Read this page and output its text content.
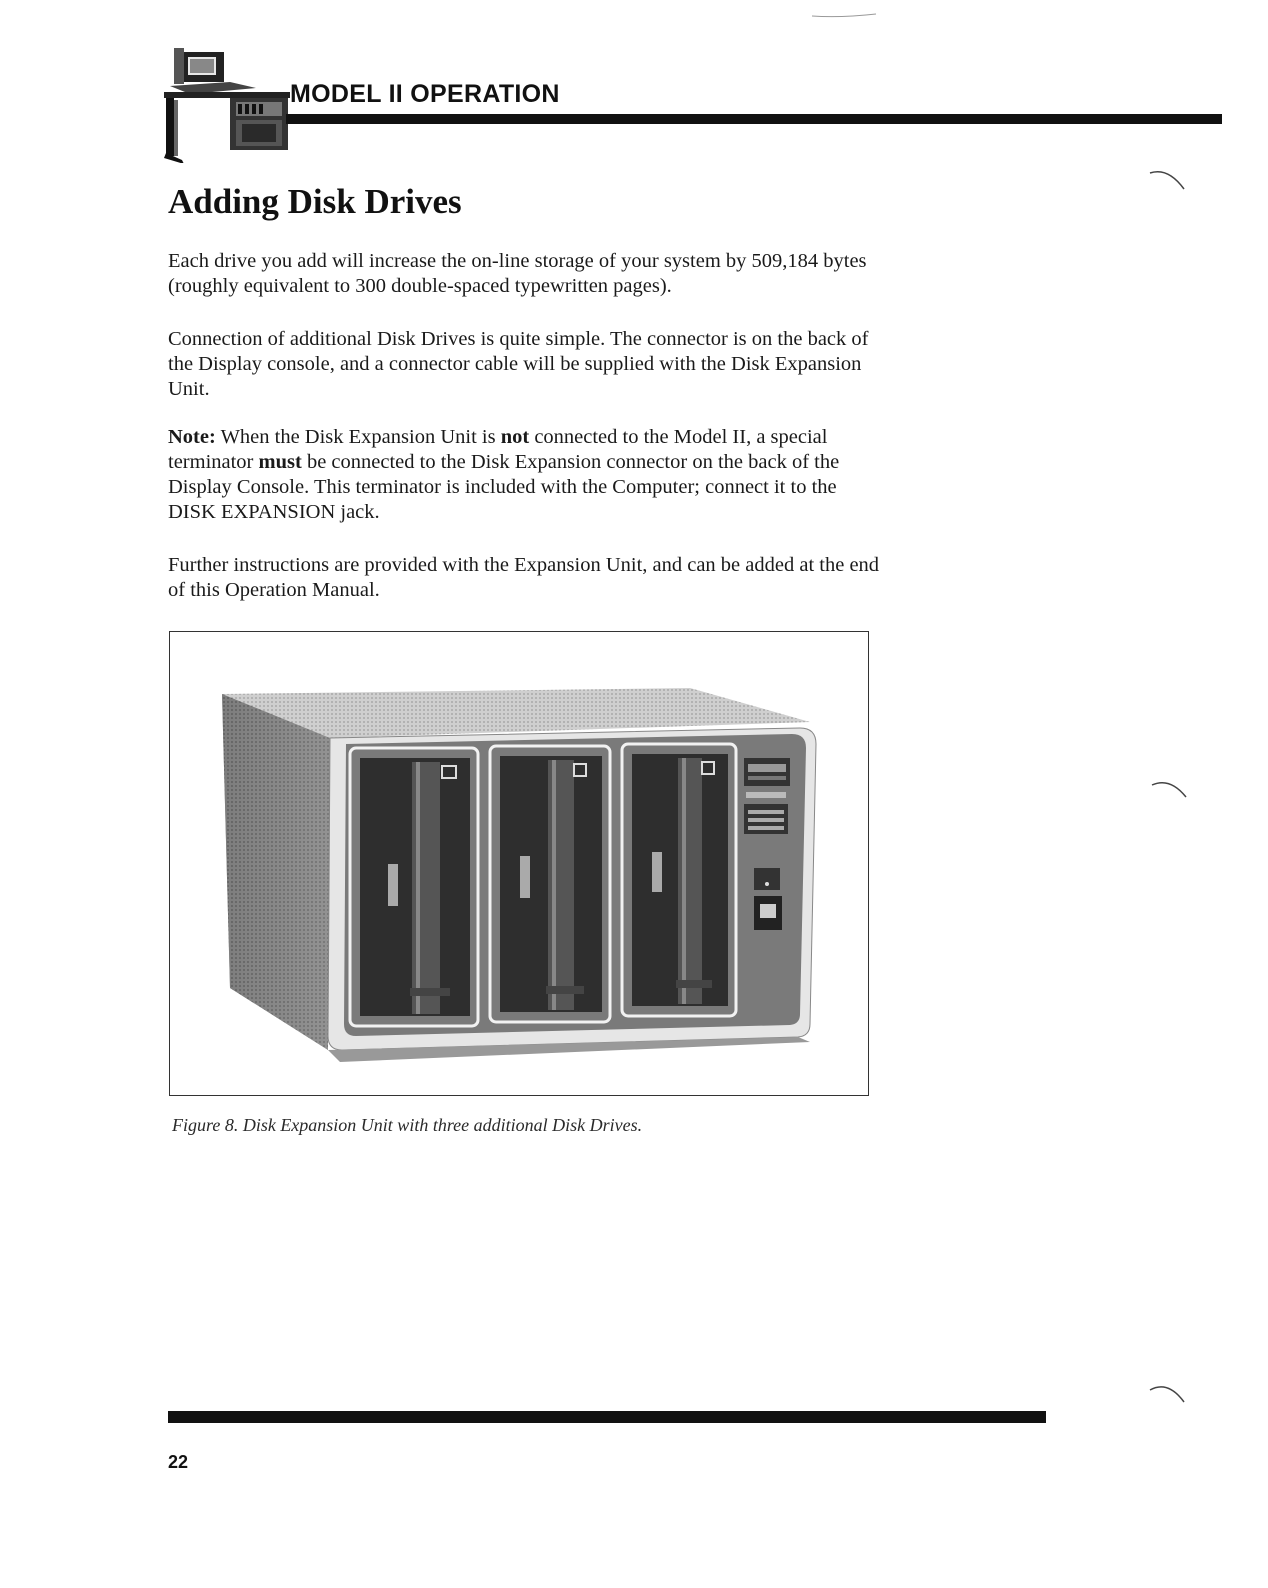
MODEL II OPERATION
Adding Disk Drives

Each drive you add will increase the on-line storage of your system by 509,184 bytes (roughly equivalent to 300 double-spaced typewritten pages).

Connection of additional Disk Drives is quite simple. The connector is on the back of the Display console, and a connector cable will be supplied with the Disk Expansion Unit.

Note: When the Disk Expansion Unit is not connected to the Model II, a special terminator must be connected to the Disk Expansion connector on the back of the Display Console. This terminator is included with the Computer; connect it to the DISK EXPANSION jack.

Further instructions are provided with the Expansion Unit, and can be added at the end of this Operation Manual.

Figure 8. Disk Expansion Unit with three additional Disk Drives.

22
